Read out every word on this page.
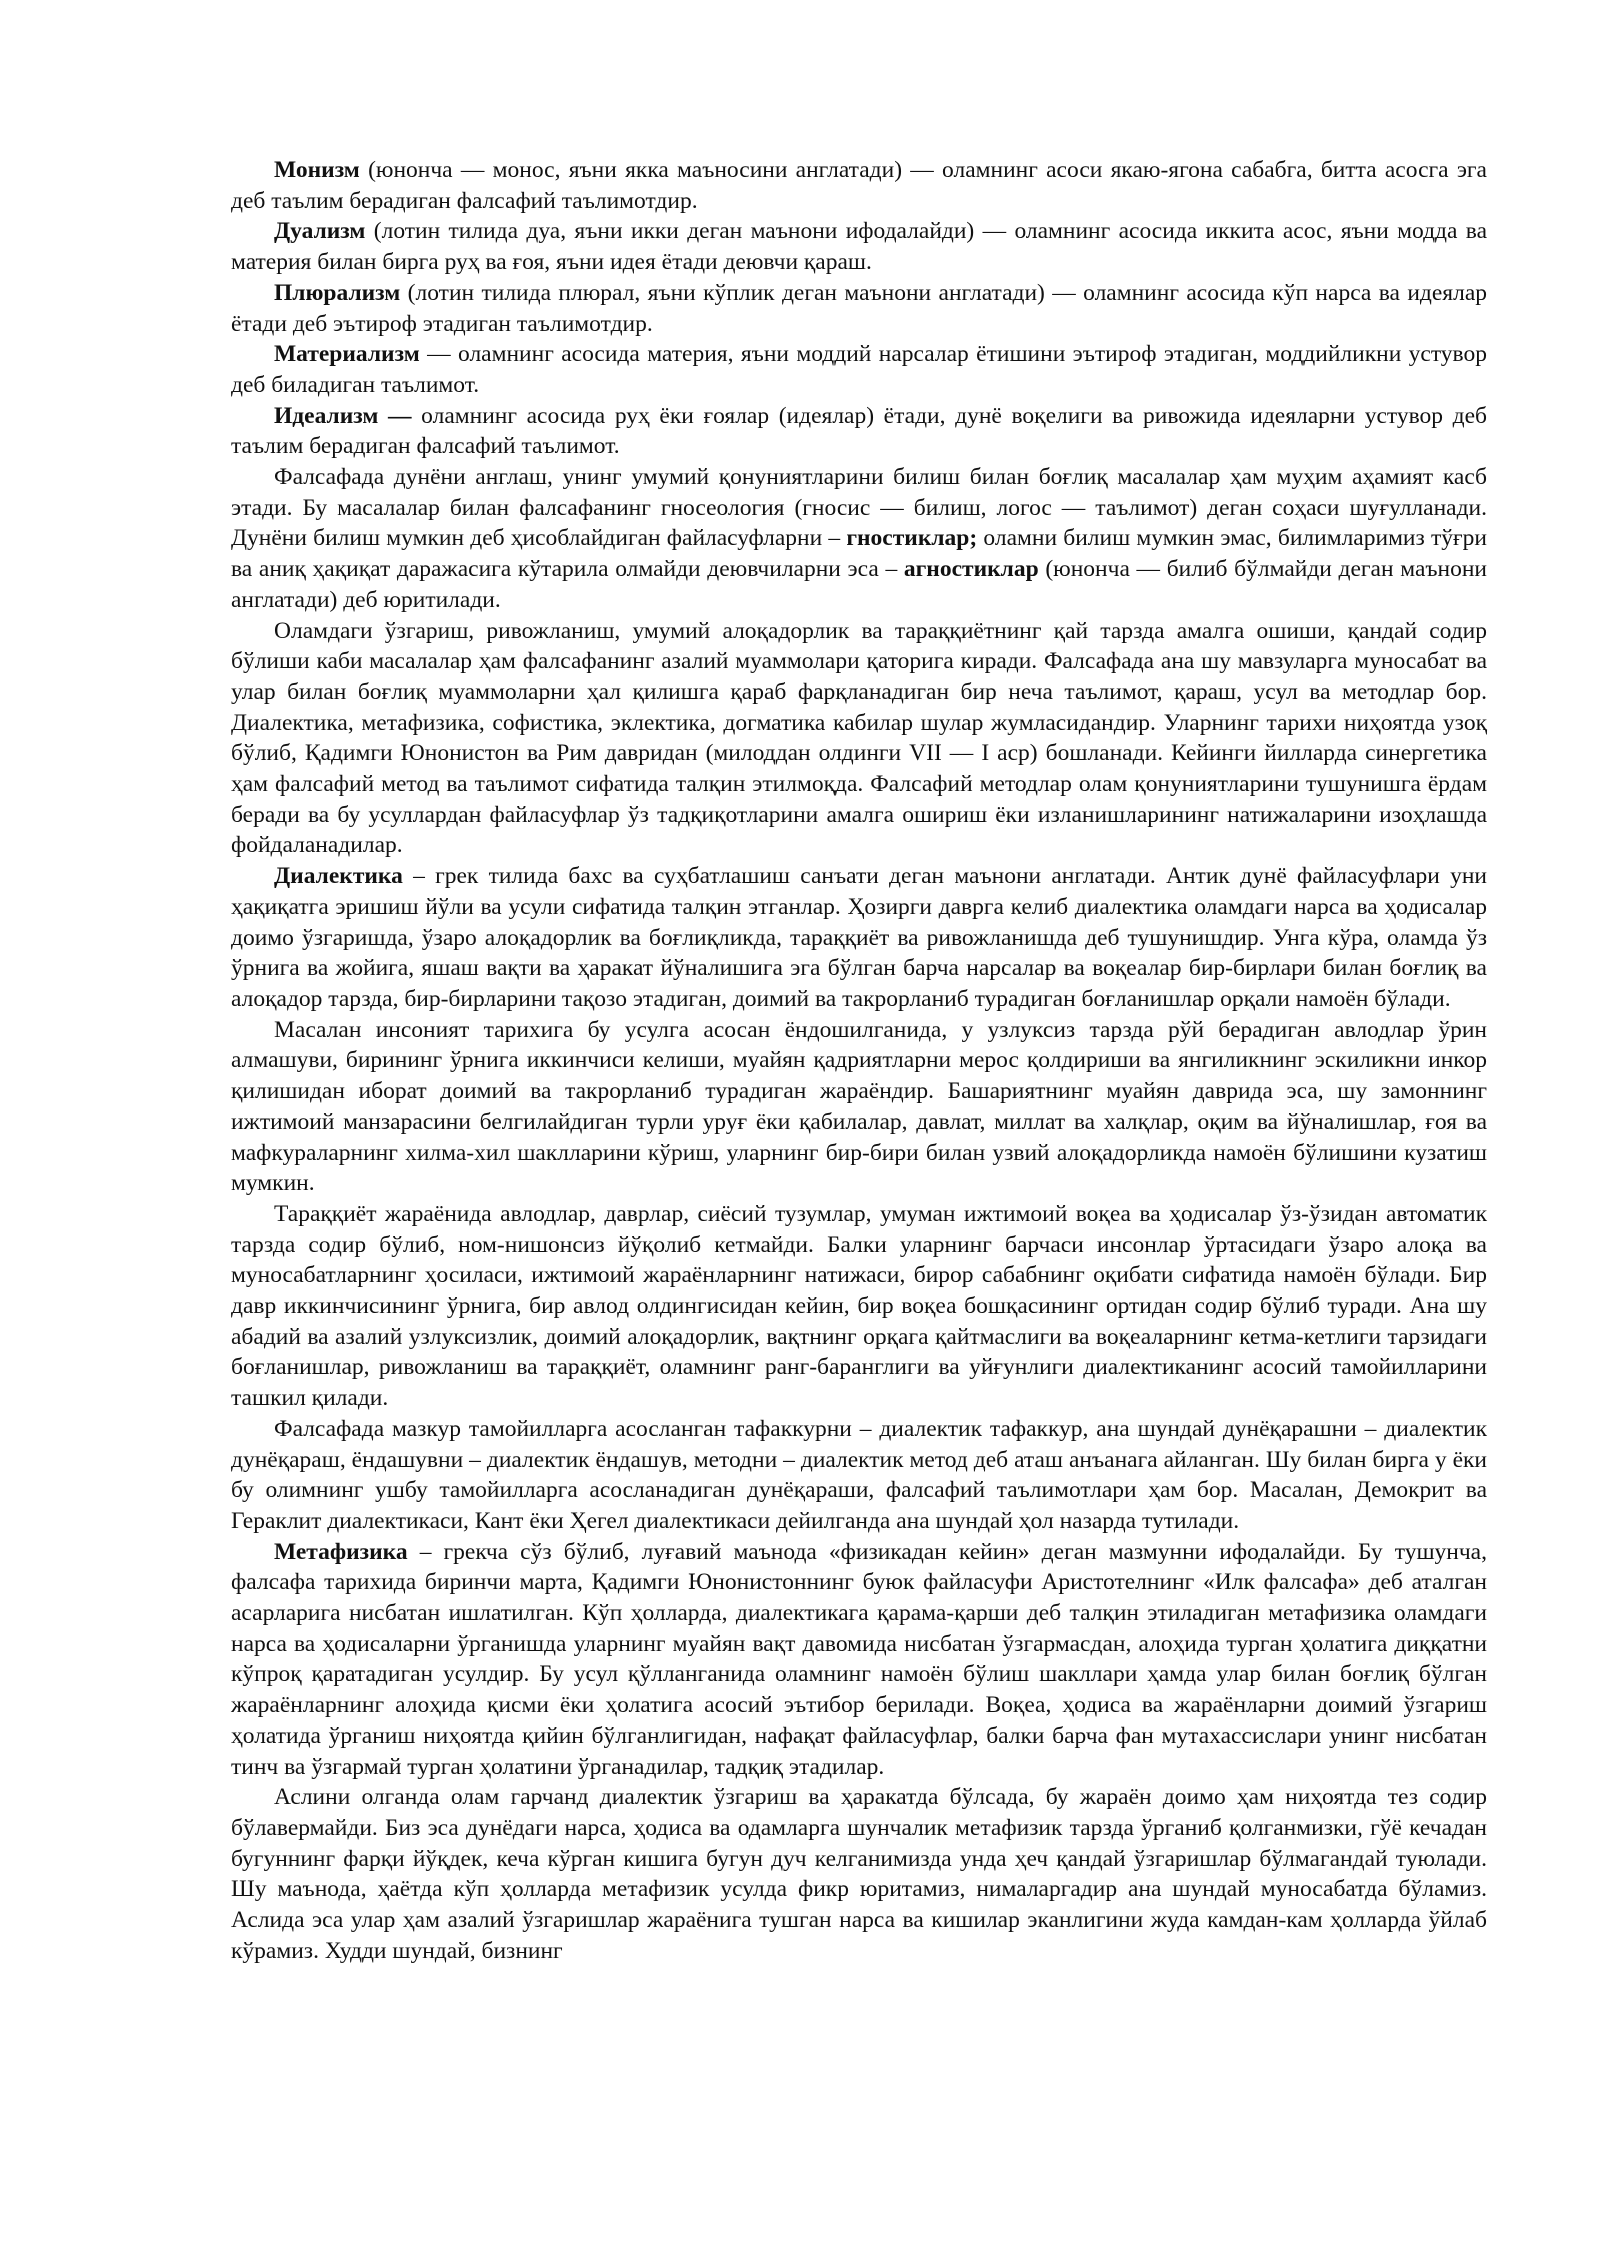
Монизм (юнонча — монос, яъни якка маъносини англатади) — оламнинг асоси якаю-ягона сабабга, битта асосга эга деб таълим берадиган фалсафий таълимотдир.

Дуализм (лотин тилида дуа, яъни икки деган маънони ифодалайди) — оламнинг асосида иккита асос, яъни модда ва материя билан бирга руҳ ва ғоя, яъни идея ётади деювчи қараш.

Плюрализм (лотин тилида плюрал, яъни кўплик деган маънони англатади) — оламнинг асосида кўп нарса ва идеялар ётади деб эътироф этадиган таълимотдир.

Материализм — оламнинг асосида материя, яъни моддий нарсалар ётишини эътироф этадиган, моддийликни устувор деб биладиган таълимот.

Идеализм — оламнинг асосида руҳ ёки ғоялар (идеялар) ётади, дунё воқелиги ва ривожида идеяларни устувор деб таълим берадиган фалсафий таълимот.

Фалсафада дунёни англаш, унинг умумий қонуниятларини билиш билан боғлиқ масалалар ҳам муҳим аҳамият касб этади. Бу масалалар билан фалсафанинг гносеология (гносис — билиш, логос — таълимот) деган соҳаси шуғулланади. Дунёни билиш мумкин деб ҳисоблайдиган файласуфларни – гностиклар; оламни билиш мумкин эмас, билимларимиз тўғри ва аниқ ҳақиқат даражасига кўтарила олмайди деювчиларни эса – агностиклар (юнонча — билиб бўлмайди деган маънони англатади) деб юритилади.

Оламдаги ўзгариш, ривожланиш, умумий алоқадорлик ва тараққиётнинг қай тарзда амалга ошиши, қандай содир бўлиши каби масалалар ҳам фалсафанинг азалий муаммолари қаторига киради. Фалсафада ана шу мавзуларга муносабат ва улар билан боғлиқ муаммоларни ҳал қилишга қараб фарқланадиган бир неча таълимот, қараш, усул ва методлар бор. Диалектика, метафизика, софистика, эклектика, догматика кабилар шулар жумласидандир. Уларнинг тарихи ниҳоятда узоқ бўлиб, Қадимги Юнонистон ва Рим давридан (милоддан олдинги VII — I аср) бошланади. Кейинги йилларда синергетика ҳам фалсафий метод ва таълимот сифатида талқин этилмоқда. Фалсафий методлар олам қонуниятларини тушунишга ёрдам беради ва бу усуллардан файласуфлар ўз тадқиқотларини амалга ошириш ёки изланишларининг натижаларини изоҳлашда фойдаланадилар.

Диалектика – грек тилида бахс ва суҳбатлашиш санъати деган маънони англатади. Антик дунё файласуфлари уни ҳақиқатга эришиш йўли ва усули сифатида талқин этганлар. Ҳозирги даврга келиб диалектика оламдаги нарса ва ҳодисалар доимо ўзгаришда, ўзаро алоқадорлик ва боғлиқликда, тараққиёт ва ривожланишда деб тушунишдир. Унга кўра, оламда ўз ўрнига ва жойига, яшаш вақти ва ҳаракат йўналишига эга бўлган барча нарсалар ва воқеалар бир-бирлари билан боғлиқ ва алоқадор тарзда, бир-бирларини тақозо этадиган, доимий ва такрорланиб турадиган боғланишлар орқали намоён бўлади.

Масалан инсоният тарихига бу усулга асосан ёндошилганида, у узлуксиз тарзда рўй берадиган авлодлар ўрин алмашуви, бирининг ўрнига иккинчиси келиши, муайян қадриятларни мерос қолдириши ва янгиликнинг эскиликни инкор қилишидан иборат доимий ва такрорланиб турадиган жараёндир. Башариятнинг муайян даврида эса, шу замоннинг ижтимоий манзарасини белгилайдиган турли уруғ ёки қабилалар, давлат, миллат ва халқлар, оқим ва йўналишлар, ғоя ва мафкураларнинг хилма-хил шаклларини кўриш, уларнинг бир-бири билан узвий алоқадорликда намоён бўлишини кузатиш мумкин.

Тараққиёт жараёнида авлодлар, даврлар, сиёсий тузумлар, умуман ижтимоий воқеа ва ҳодисалар ўз-ўзидан автоматик тарзда содир бўлиб, ном-нишонсиз йўқолиб кетмайди. Балки уларнинг барчаси инсонлар ўртасидаги ўзаро алоқа ва муносабатларнинг ҳосиласи, ижтимоий жараёнларнинг натижаси, бирор сабабнинг оқибати сифатида намоён бўлади. Бир давр иккинчисининг ўрнига, бир авлод олдингисидан кейин, бир воқеа бошқасининг ортидан содир бўлиб туради. Ана шу абадий ва азалий узлуксизлик, доимий алоқадорлик, вақтнинг орқага қайтмаслиги ва воқеаларнинг кетма-кетлиги тарзидаги боғланишлар, ривожланиш ва тараққиёт, оламнинг ранг-баранглиги ва уйғунлиги диалектиканинг асосий тамойилларини ташкил қилади.

Фалсафада мазкур тамойилларга асосланган тафаккурни – диалектик тафаккур, ана шундай дунёқарашни – диалектик дунёқараш, ёндашувни – диалектик ёндашув, методни – диалектик метод деб аташ анъанага айланган. Шу билан бирга у ёки бу олимнинг ушбу тамойилларга асосланадиган дунёқараши, фалсафий таълимотлари ҳам бор. Масалан, Демокрит ва Гераклит диалектикаси, Кант ёки Ҳегел диалектикаси дейилганда ана шундай ҳол назарда тутилади.

Метафизика – грекча сўз бўлиб, луғавий маънода «физикадан кейин» деган мазмунни ифодалайди. Бу тушунча, фалсафа тарихида биринчи марта, Қадимги Юнонистоннинг буюк файласуфи Аристотелнинг «Илк фалсафа» деб аталган асарларига нисбатан ишлатилган. Кўп ҳолларда, диалектикага қарама-қарши деб талқин этиладиган метафизика оламдаги нарса ва ҳодисаларни ўрганишда уларнинг муайян вақт давомида нисбатан ўзгармасдан, алоҳида турган ҳолатига диққатни кўпроқ қаратадиган усулдир. Бу усул қўлланганида оламнинг намоён бўлиш шакллари ҳамда улар билан боғлиқ бўлган жараёнларнинг алоҳида қисми ёки ҳолатига асосий эътибор берилади. Воқеа, ҳодиса ва жараёнларни доимий ўзгариш ҳолатида ўрганиш ниҳоятда қийин бўлганлигидан, нафақат файласуфлар, балки барча фан мутахассислари унинг нисбатан тинч ва ўзгармай турган ҳолатини ўрганадилар, тадқиқ этадилар.

Аслини олганда олам гарчанд диалектик ўзгариш ва ҳаракатда бўлсада, бу жараён доимо ҳам ниҳоятда тез содир бўлавермайди. Биз эса дунёдаги нарса, ҳодиса ва одамларга шунчалик метафизик тарзда ўрганиб қолганмизки, гўё кечадан бугуннинг фарқи йўқдек, кеча кўрган кишига бугун дуч келганимизда унда ҳеч қандай ўзгаришлар бўлмагандай туюлади. Шу маънода, ҳаётда кўп ҳолларда метафизик усулда фикр юритамиз, нималаргадир ана шундай муносабатда бўламиз. Аслида эса улар ҳам азалий ўзгаришлар жараёнига тушган нарса ва кишилар эканлигини жуда камдан-кам ҳолларда ўйлаб кўрамиз. Худди шундай, бизнинг
